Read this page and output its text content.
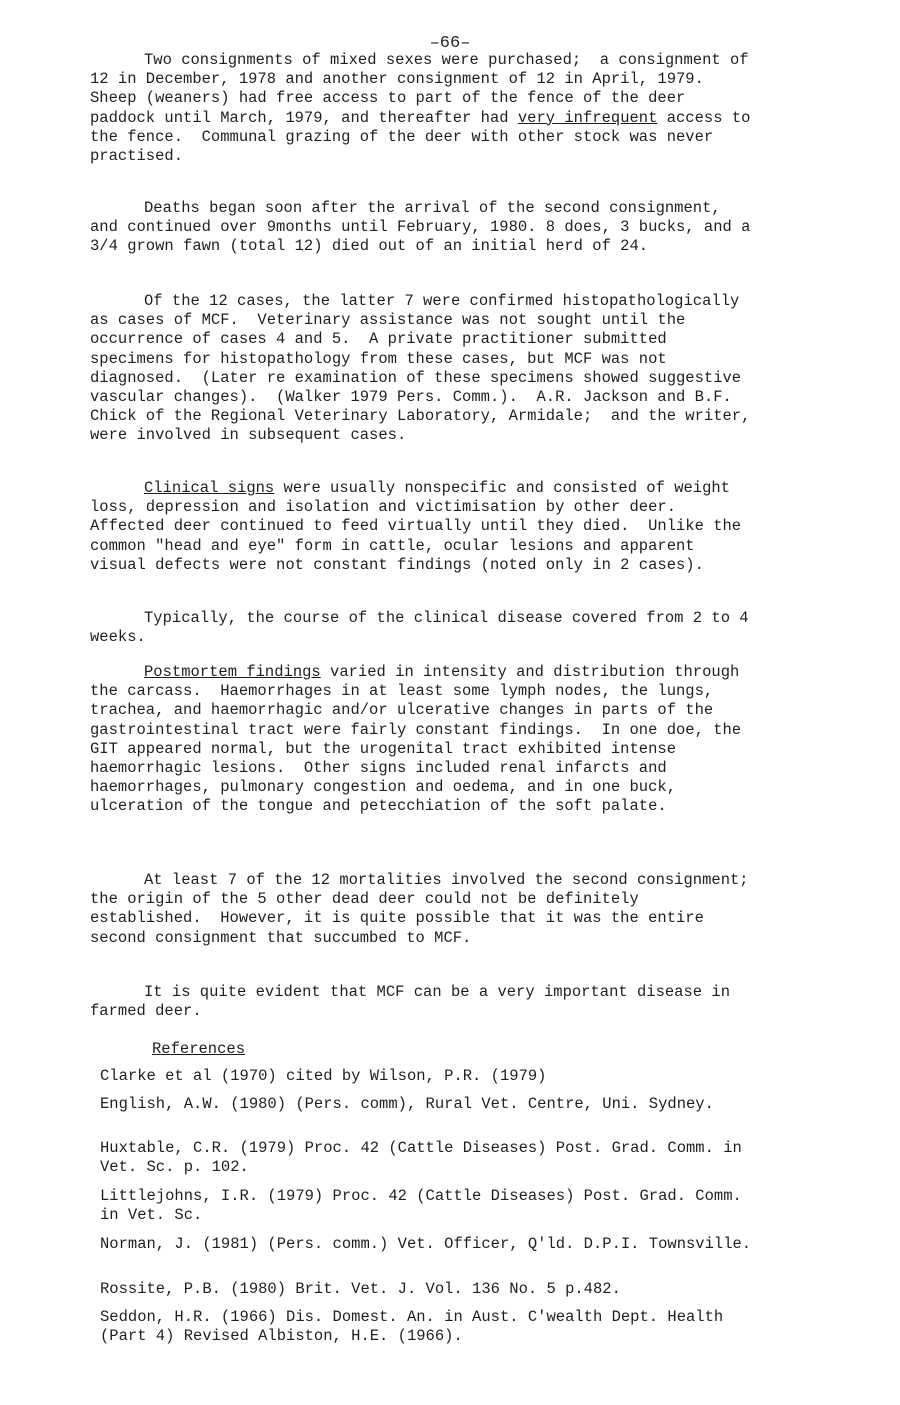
–66–

Two consignments of mixed sexes were purchased;  a consignment of 12 in December, 1978 and another consignment of 12 in April, 1979.  Sheep (weaners) had free access to part of the fence of the deer paddock until March, 1979, and thereafter had very infrequent access to the fence.  Communal grazing of the deer with other stock was never practised.

Deaths began soon after the arrival of the second consignment, and continued over 9months until February, 1980. 8 does, 3 bucks, and a 3/4 grown fawn (total 12) died out of an initial herd of 24.

Of the 12 cases, the latter 7 were confirmed histopathologically as cases of MCF.  Veterinary assistance was not sought until the occurrence of cases 4 and 5.  A private practitioner submitted specimens for histopathology from these cases, but MCF was not diagnosed.  (Later re examination of these specimens showed suggestive vascular changes).  (Walker 1979 Pers. Comm.).  A.R. Jackson and B.F. Chick of the Regional Veterinary Laboratory, Armidale;  and the writer, were involved in subsequent cases.

Clinical signs were usually nonspecific and consisted of weight loss, depression and isolation and victimisation by other deer.  Affected deer continued to feed virtually until they died.  Unlike the common "head and eye" form in cattle, ocular lesions and apparent visual defects were not constant findings (noted only in 2 cases).

Typically, the course of the clinical disease covered from 2 to 4 weeks.

Postmortem findings varied in intensity and distribution through the carcass.  Haemorrhages in at least some lymph nodes, the lungs, trachea, and haemorrhagic and/or ulcerative changes in parts of the gastrointestinal tract were fairly constant findings.  In one doe, the GIT appeared normal, but the urogenital tract exhibited intense haemorrhagic lesions.  Other signs included renal infarcts and haemorrhages, pulmonary congestion and oedema, and in one buck, ulceration of the tongue and petecchiation of the soft palate.

At least 7 of the 12 mortalities involved the second consignment;  the origin of the 5 other dead deer could not be definitely established.  However, it is quite possible that it was the entire second consignment that succumbed to MCF.

It is quite evident that MCF can be a very important disease in farmed deer.

References
Clarke et al (1970) cited by Wilson, P.R. (1979)
English, A.W. (1980) (Pers. comm), Rural Vet. Centre, Uni. Sydney.
Huxtable, C.R. (1979) Proc. 42 (Cattle Diseases) Post. Grad. Comm. in Vet. Sc. p. 102.
Littlejohns, I.R. (1979) Proc. 42 (Cattle Diseases) Post. Grad. Comm. in Vet. Sc.
Norman, J. (1981) (Pers. comm.) Vet. Officer, Q'ld. D.P.I. Townsville.
Rossite, P.B. (1980) Brit. Vet. J. Vol. 136 No. 5 p.482.
Seddon, H.R. (1966) Dis. Domest. An. in Aust. C'wealth Dept. Health (Part 4) Revised Albiston, H.E. (1966).
